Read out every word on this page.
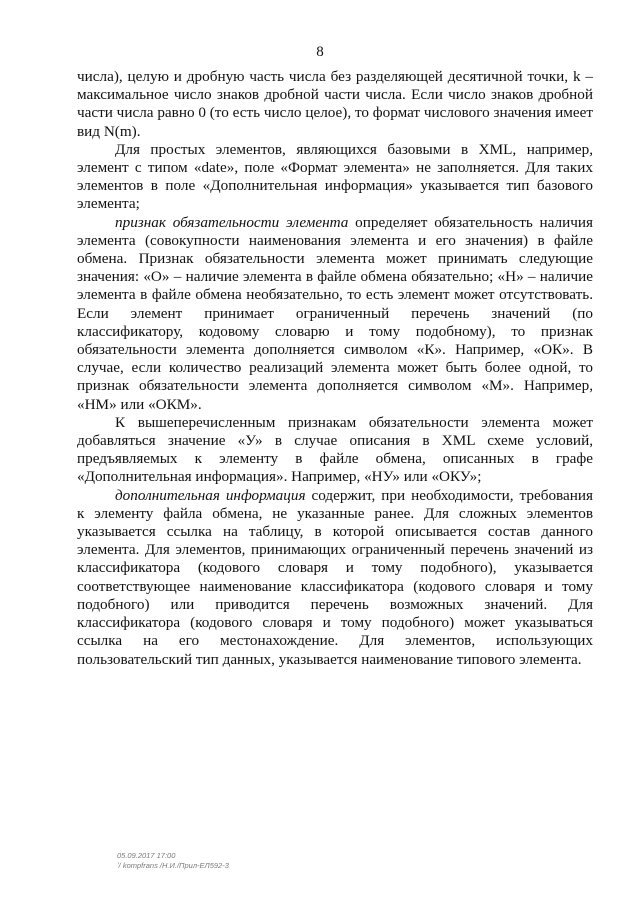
8

числа), целую и дробную часть числа без разделяющей десятичной точки, k – максимальное число знаков дробной части числа. Если число знаков дробной части числа равно 0 (то есть число целое), то формат числового значения имеет вид N(m).

Для простых элементов, являющихся базовыми в XML, например, элемент с типом «date», поле «Формат элемента» не заполняется. Для таких элементов в поле «Дополнительная информация» указывается тип базового элемента;

признак обязательности элемента определяет обязательность наличия элемента (совокупности наименования элемента и его значения) в файле обмена. Признак обязательности элемента может принимать следующие значения: «О» – наличие элемента в файле обмена обязательно; «Н» – наличие элемента в файле обмена необязательно, то есть элемент может отсутствовать. Если элемент принимает ограниченный перечень значений (по классификатору, кодовому словарю и тому подобному), то признак обязательности элемента дополняется символом «К». Например, «ОК». В случае, если количество реализаций элемента может быть более одной, то признак обязательности элемента дополняется символом «М». Например, «НМ» или «ОКМ».

К вышеперечисленным признакам обязательности элемента может добавляться значение «У» в случае описания в XML схеме условий, предъявляемых к элементу в файле обмена, описанных в графе «Дополнительная информация». Например, «НУ» или «ОКУ»;

дополнительная информация содержит, при необходимости, требования к элементу файла обмена, не указанные ранее. Для сложных элементов указывается ссылка на таблицу, в которой описывается состав данного элемента. Для элементов, принимающих ограниченный перечень значений из классификатора (кодового словаря и тому подобного), указывается соответствующее наименование классификатора (кодового словаря и тому подобного) или приводится перечень возможных значений. Для классификатора (кодового словаря и тому подобного) может указываться ссылка на его местонахождение. Для элементов, использующих пользовательский тип данных, указывается наименование типового элемента.

05.09.2017 17:00
ʼ/ kompfrans /Н.И./Прил-ЕЛ592-3
